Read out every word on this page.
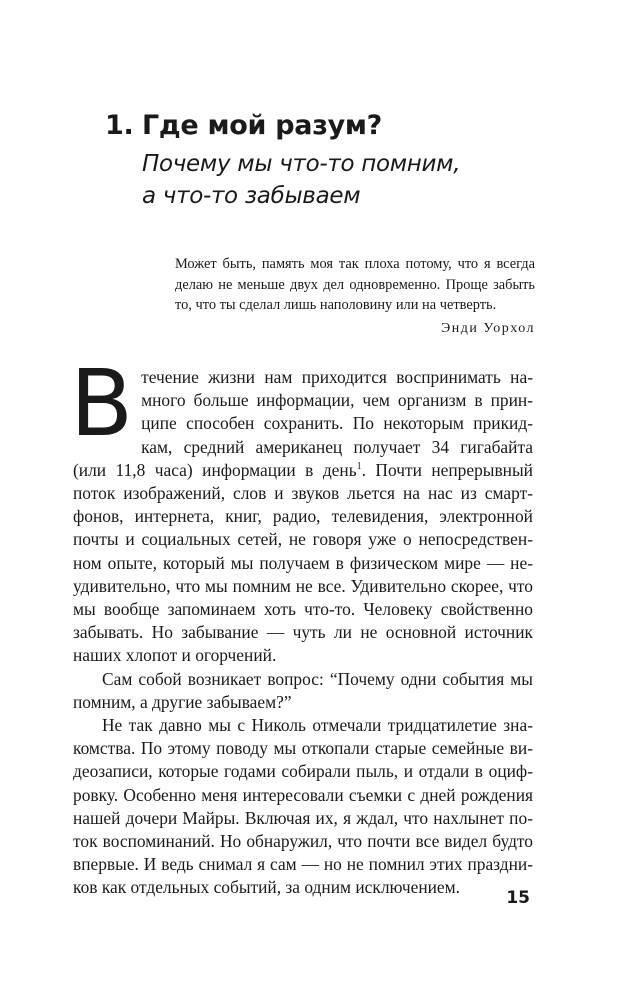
1. Где мой разум?
Почему мы что-то помним,
а что-то забываем

Может быть, память моя так плоха потому, что я всегда делаю не меньше двух дел одновременно. Проще забыть то, что ты сделал лишь наполовину или на четверть.

Энди Уорхол

Втечение жизни нам приходится воспринимать намного больше информации, чем организм в принципе способен сохранить. По некоторым прикидкам, средний американец получает 34 гигабайта (или 11,8 часа) информации в день$^1$. Почти непрерывный поток изображений, слов и звуков льется на нас из смартфонов, интернета, книг, радио, телевидения, электронной почты и социальных сетей, не говоря уже о непосредственном опыте, который мы получаем в физическом мире — неудивительно, что мы помним не все. Удивительно скорее, что мы вообще запоминаем хоть что-то. Человеку свойственно забывать. Но забывание — чуть ли не основной источник наших хлопот и огорчений.

Сам собой возникает вопрос: “Почему одни события мы помним, а другие забываем?”

Не так давно мы с Николь отмечали тридцатилетие знакомства. По этому поводу мы откопали старые семейные видеозаписи, которые годами собирали пыль, и отдали в оцифровку. Особенно меня интересовали съемки с дней рождения нашей дочери Майры. Включая их, я ждал, что нахлынет поток воспоминаний. Но обнаружил, что почти все видел будто впервые. И ведь снимал я сам — но не помнил этих праздников как отдельных событий, за одним исключением.

15
